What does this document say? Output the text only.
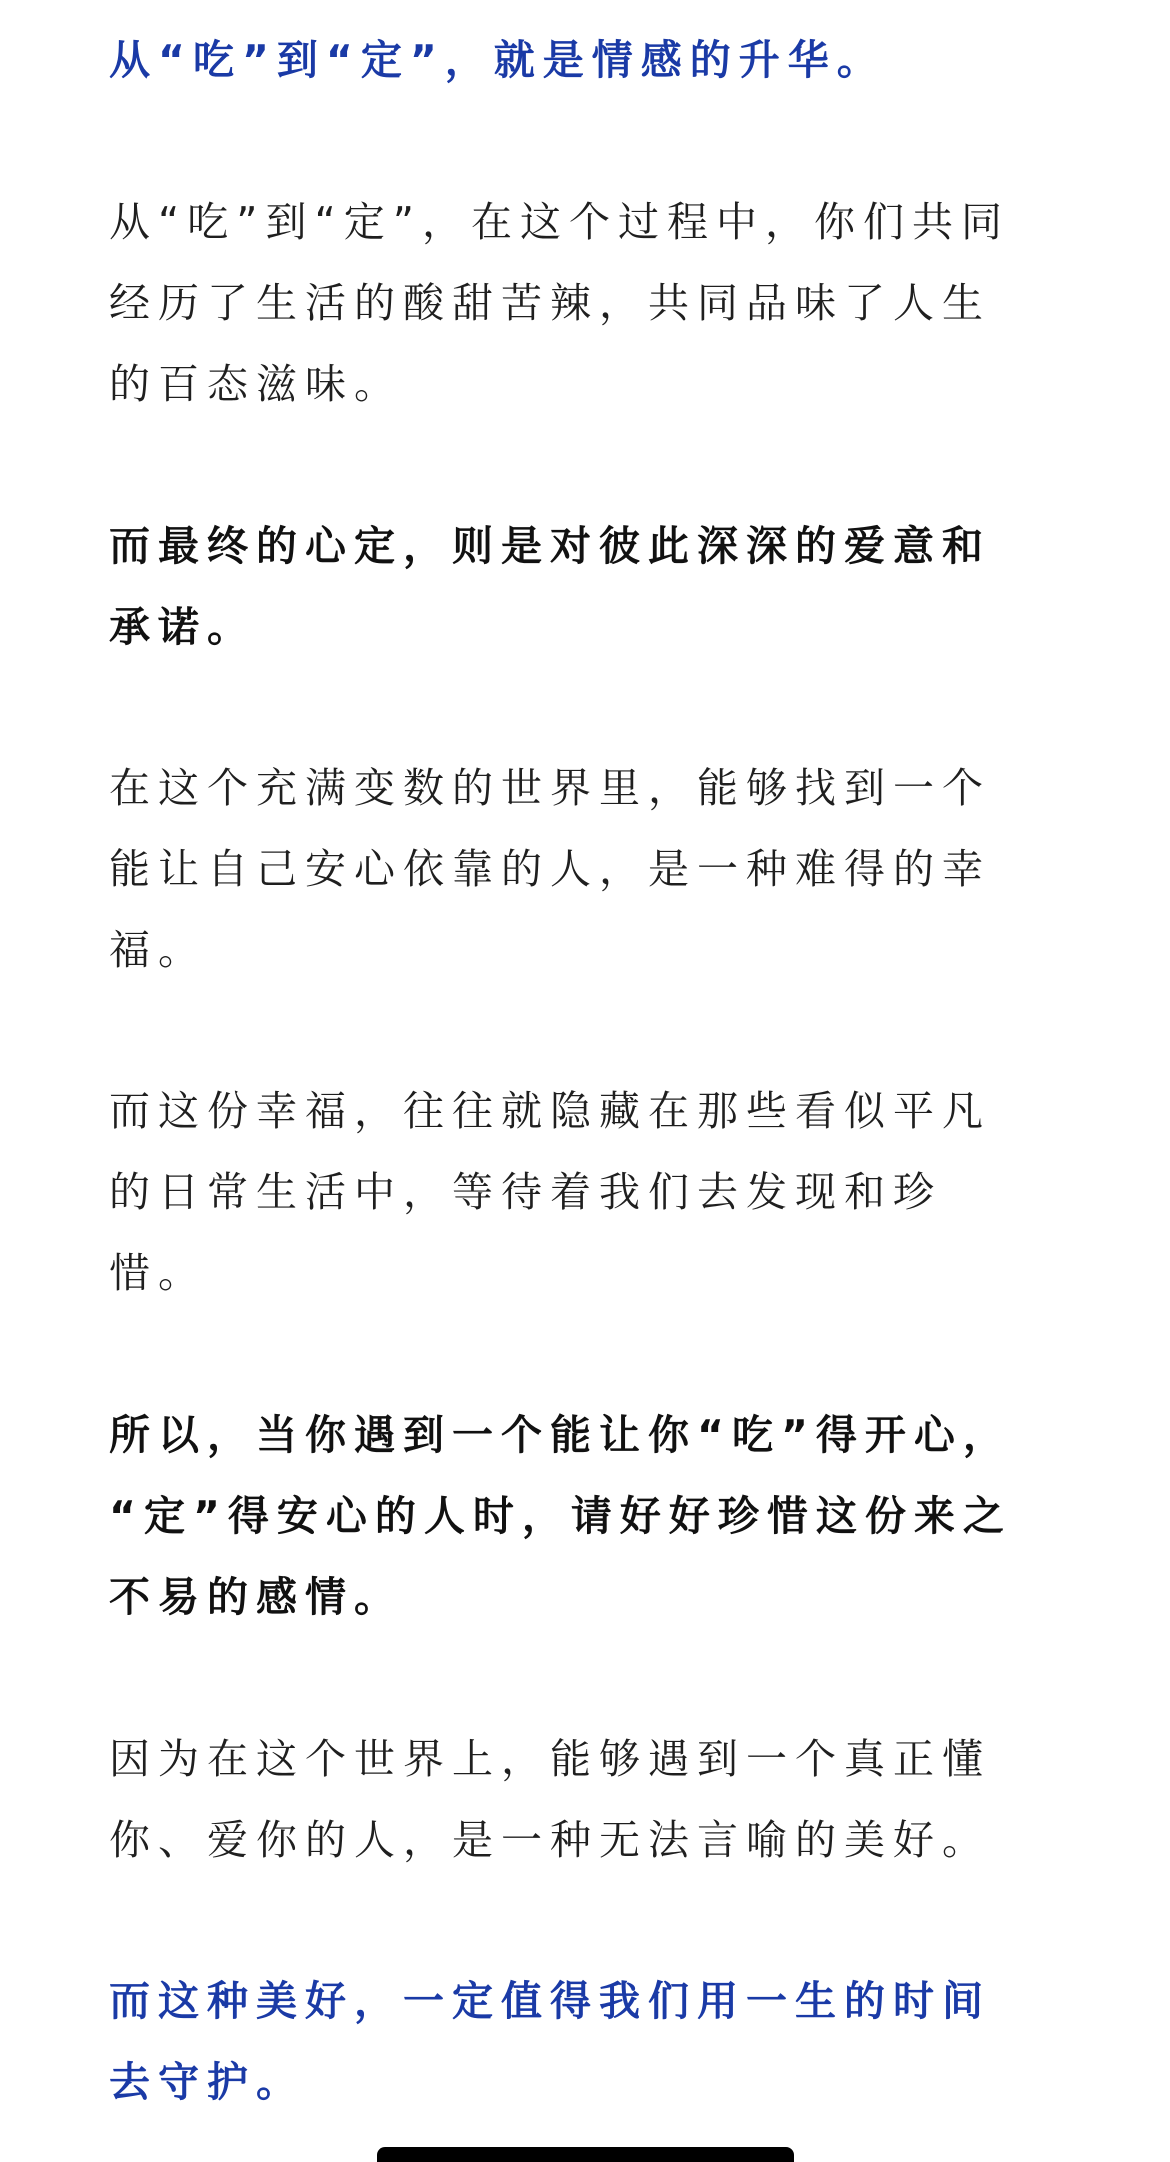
从“吃”到“定”，就是情感的升华。

从“吃”到“定”，在这个过程中，你们共同
经历了生活的酸甜苦辣，共同品味了人生
的百态滋味。

而最终的心定，则是对彼此深深的爱意和
承诺。

在这个充满变数的世界里，能够找到一个
能让自己安心依靠的人，是一种难得的幸
福。

而这份幸福，往往就隐藏在那些看似平凡
的日常生活中，等待着我们去发现和珍
惜。

所以，当你遇到一个能让你“吃”得开心，
“定”得安心的人时，请好好珍惜这份来之
不易的感情。

因为在这个世界上，能够遇到一个真正懂
你、爱你的人，是一种无法言喻的美好。

而这种美好，一定值得我们用一生的时间
去守护。
